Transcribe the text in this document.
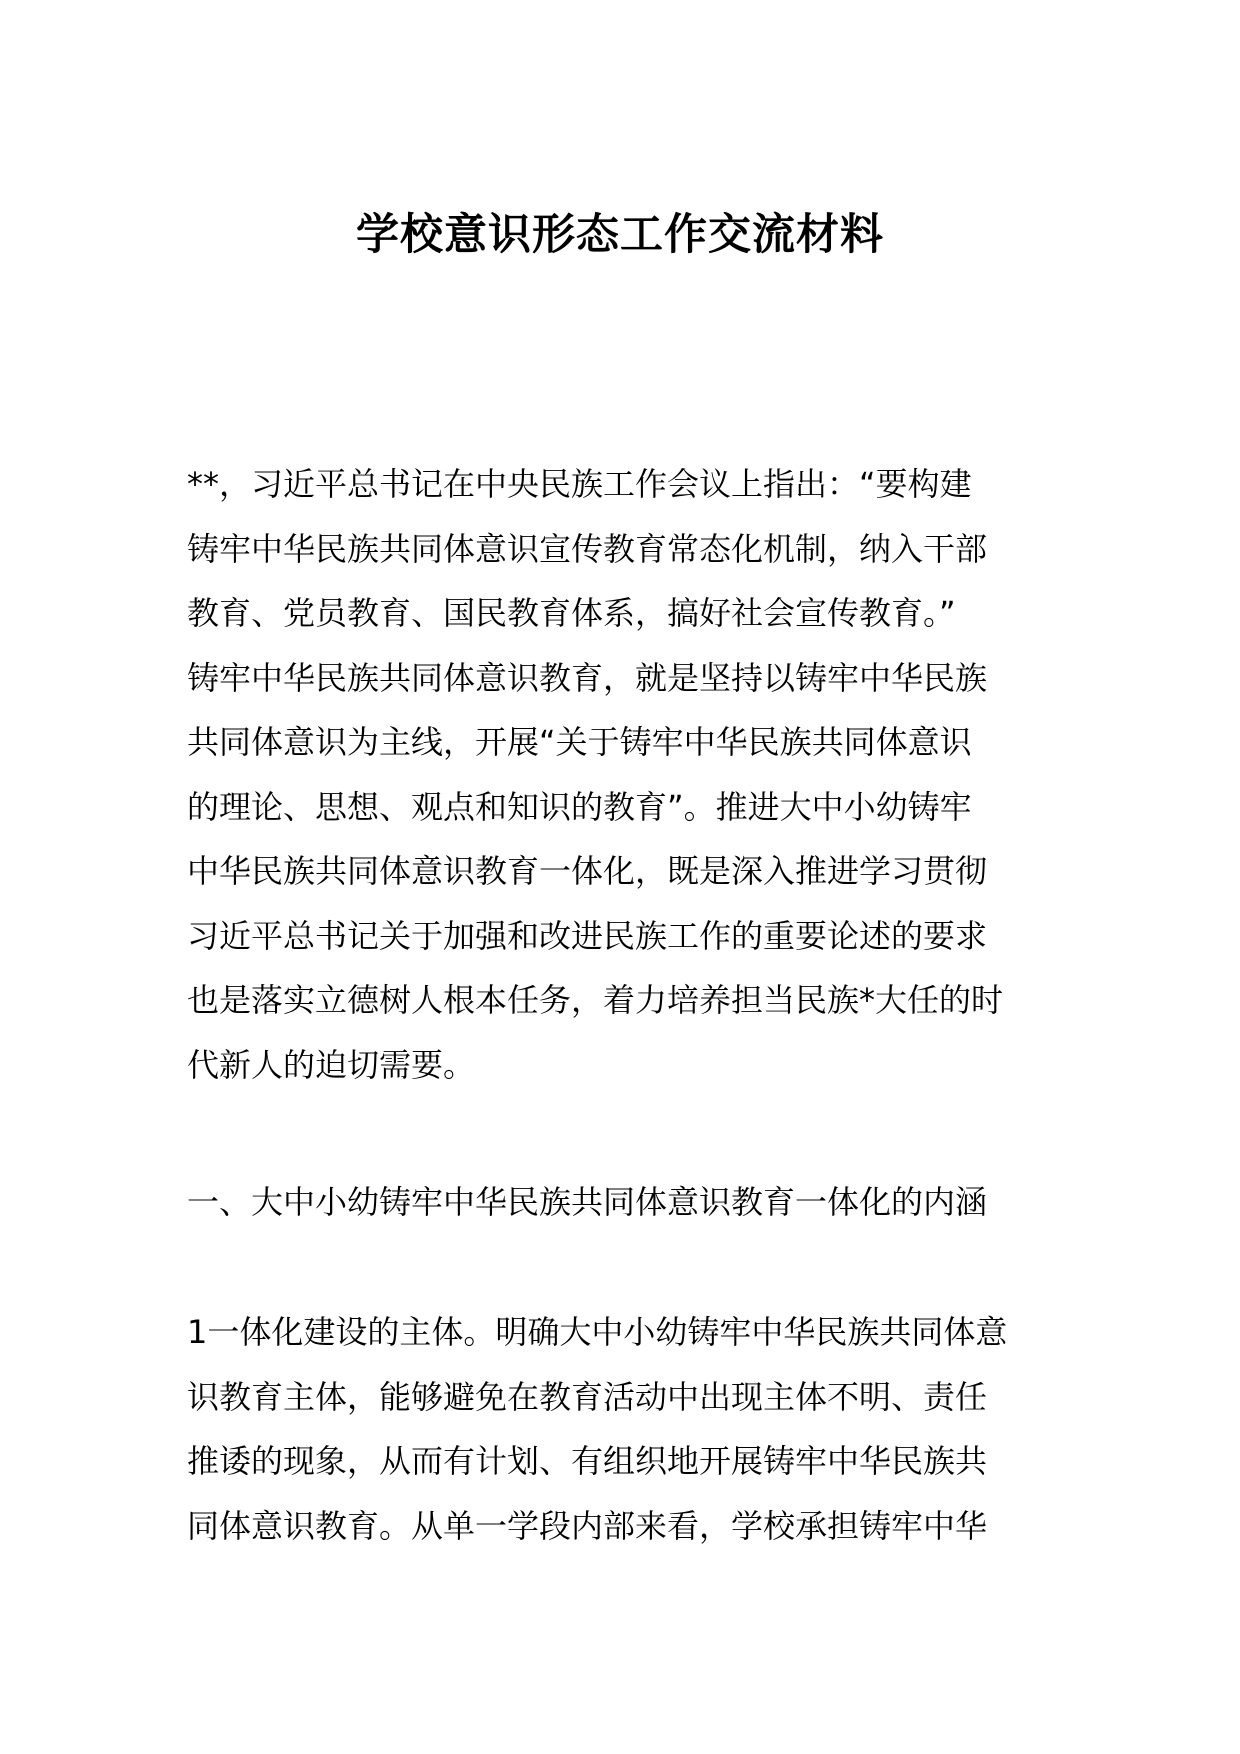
学校意识形态工作交流材料
**，习近平总书记在中央民族工作会议上指出：“要构建
铸牢中华民族共同体意识宣传教育常态化机制，纳入干部
教育、党员教育、国民教育体系，搞好社会宣传教育。”
铸牢中华民族共同体意识教育，就是坚持以铸牢中华民族
共同体意识为主线，开展“关于铸牢中华民族共同体意识
的理论、思想、观点和知识的教育”。推进大中小幼铸牢
中华民族共同体意识教育一体化，既是深入推进学习贯彻
习近平总书记关于加强和改进民族工作的重要论述的要求
也是落实立德树人根本任务，着力培养担当民族*大任的时
代新人的迫切需要。
一、大中小幼铸牢中华民族共同体意识教育一体化的内涵
1一体化建设的主体。明确大中小幼铸牢中华民族共同体意
识教育主体，能够避免在教育活动中出现主体不明、责任
推诿的现象，从而有计划、有组织地开展铸牢中华民族共
同体意识教育。从单一学段内部来看，学校承担铸牢中华
